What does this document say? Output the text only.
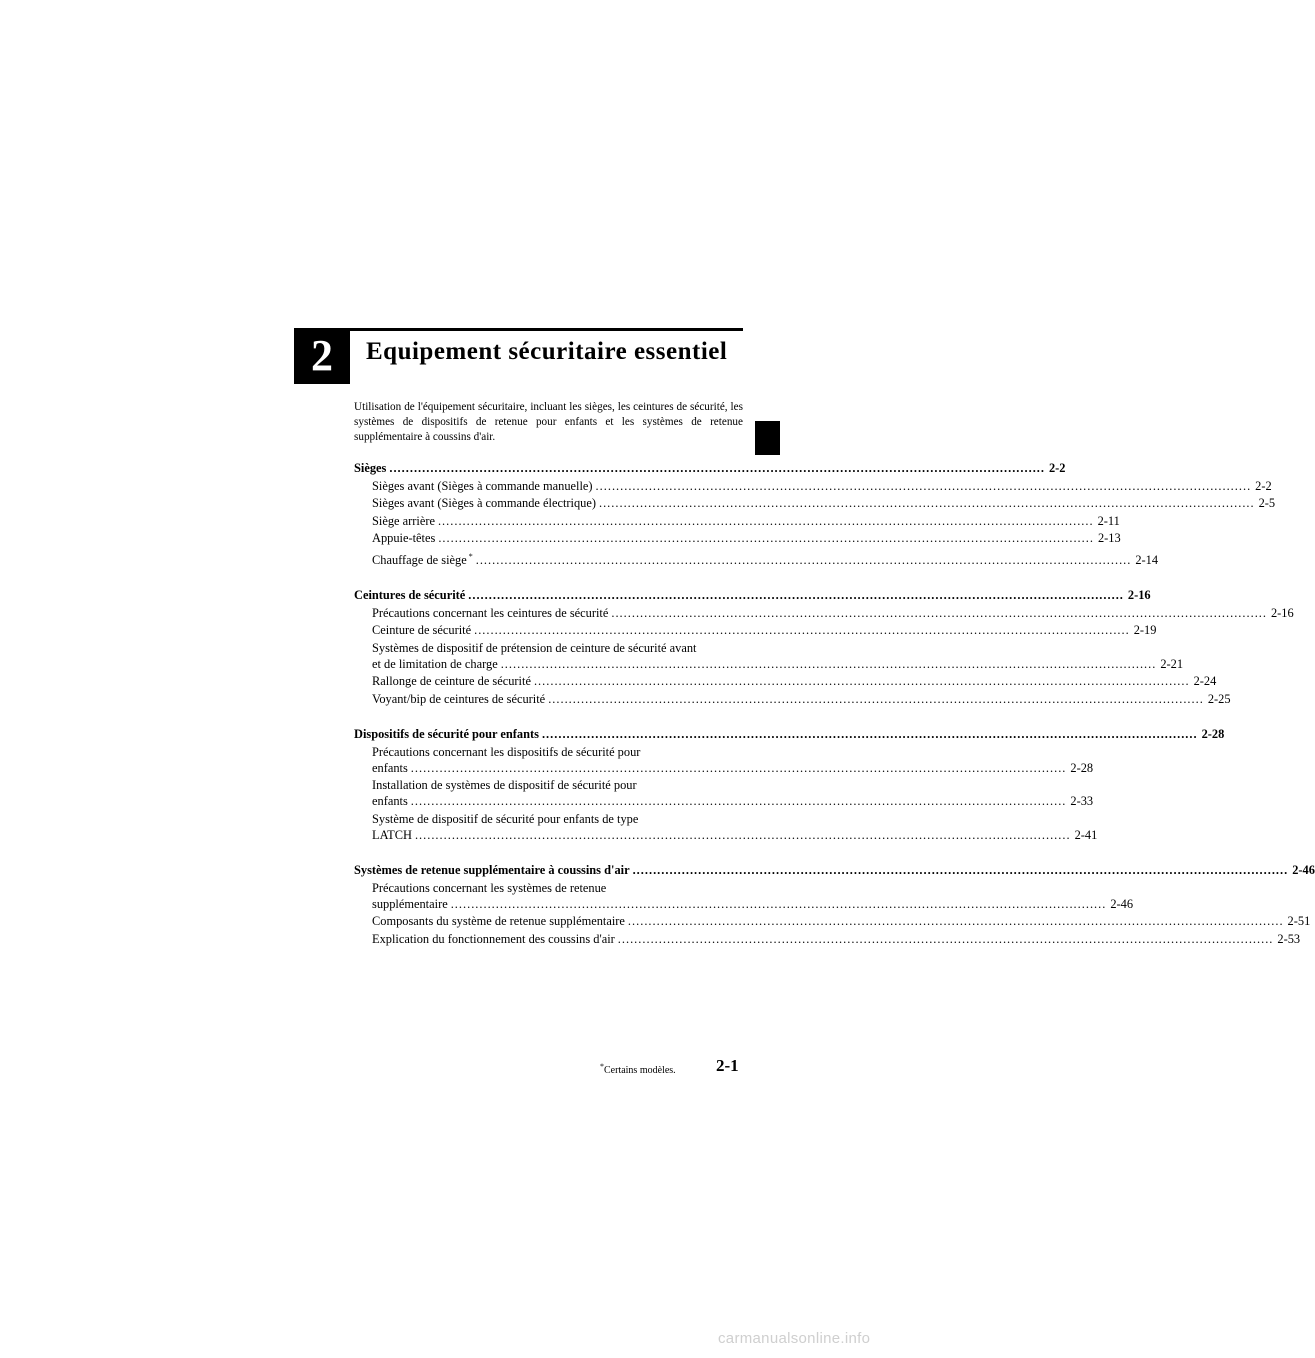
2	Equipement sécuritaire essentiel

Utilisation de l'équipement sécuritaire, incluant les sièges, les ceintures de sécurité, les systèmes de dispositifs de retenue pour enfants et les systèmes de retenue supplémentaire à coussins d'air.

Sièges ................................................................................................................................................................ 2-2
Sièges avant (Sièges à commande manuelle) ................................................................................................................................................................ 2-2
Sièges avant (Sièges à commande électrique) ................................................................................................................................................................ 2-5
Siège arrière ................................................................................................................................................................ 2-11
Appuie-têtes ................................................................................................................................................................ 2-13
Chauffage de siège * ................................................................................................................................................................ 2-14
Ceintures de sécurité ................................................................................................................................................................ 2-16
Précautions concernant les ceintures de sécurité ................................................................................................................................................................ 2-16
Ceinture de sécurité ................................................................................................................................................................ 2-19
Systèmes de dispositif de prétension de ceinture de sécurité avant
et de limitation de charge ................................................................................................................................................................ 2-21
Rallonge de ceinture de sécurité ................................................................................................................................................................ 2-24
Voyant/bip de ceintures de sécurité ................................................................................................................................................................ 2-25
Dispositifs de sécurité pour enfants ................................................................................................................................................................ 2-28
Précautions concernant les dispositifs de sécurité pour
enfants ................................................................................................................................................................ 2-28
Installation de systèmes de dispositif de sécurité pour
enfants ................................................................................................................................................................ 2-33
Système de dispositif de sécurité pour enfants de type
LATCH ................................................................................................................................................................ 2-41
Systèmes de retenue supplémentaire à coussins d'air ................................................................................................................................................................ 2-46
Précautions concernant les systèmes de retenue
supplémentaire ................................................................................................................................................................ 2-46
Composants du système de retenue supplémentaire ................................................................................................................................................................ 2-51
Explication du fonctionnement des coussins d'air ................................................................................................................................................................ 2-53
*Certains modèles. 2-1
carmanualsonline.info
